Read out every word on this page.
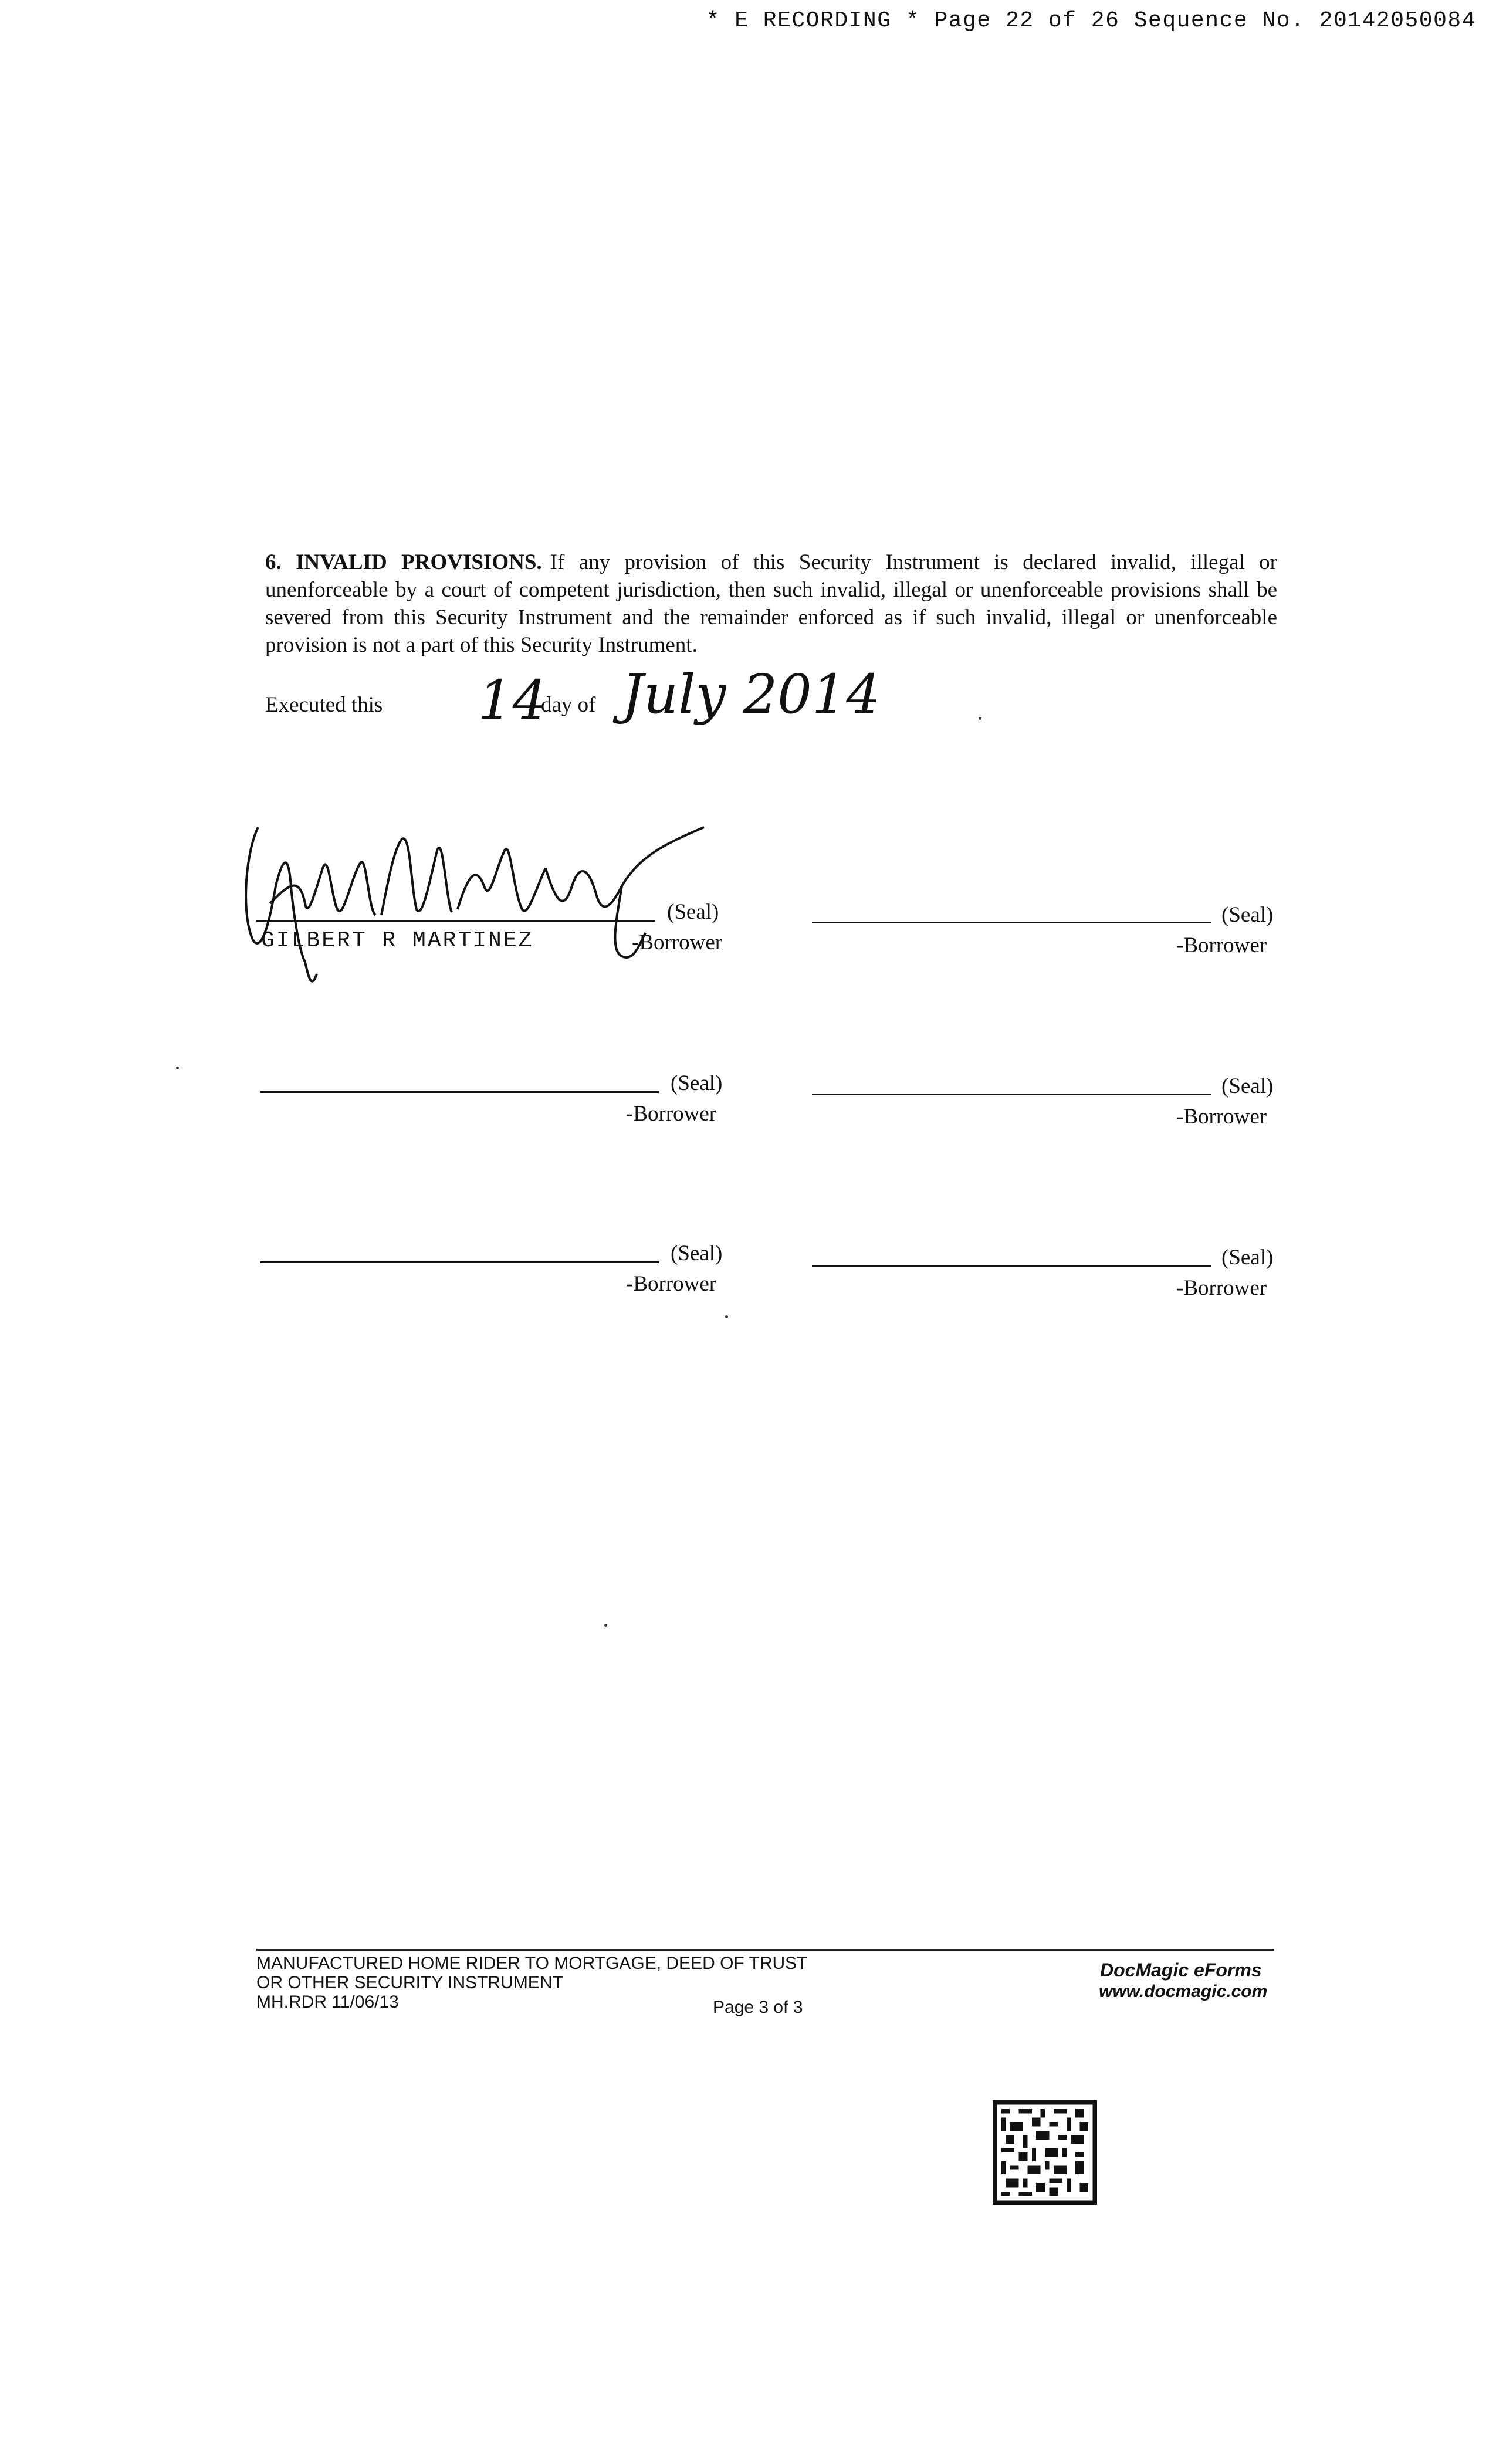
* E RECORDING * Page 22 of 26 Sequence No. 20142050084
6. INVALID PROVISIONS. If any provision of this Security Instrument is declared invalid, illegal or unenforceable by a court of competent jurisdiction, then such invalid, illegal or unenforceable provisions shall be severed from this Security Instrument and the remainder enforced as if such invalid, illegal or unenforceable provision is not a part of this Security Instrument.
Executed this 14
day of July 2014
(Seal)
GILBERT R MARTINEZ	-Borrower
(Seal)
-Borrower
(Seal)
-Borrower
(Seal)
-Borrower
(Seal)
-Borrower
(Seal)
-Borrower
MANUFACTURED HOME RIDER TO MORTGAGE, DEED OF TRUST
OR OTHER SECURITY INSTRUMENT
MH.RDR 11/06/13	Page 3 of 3
DocMagic eForms
www.docmagic.com
